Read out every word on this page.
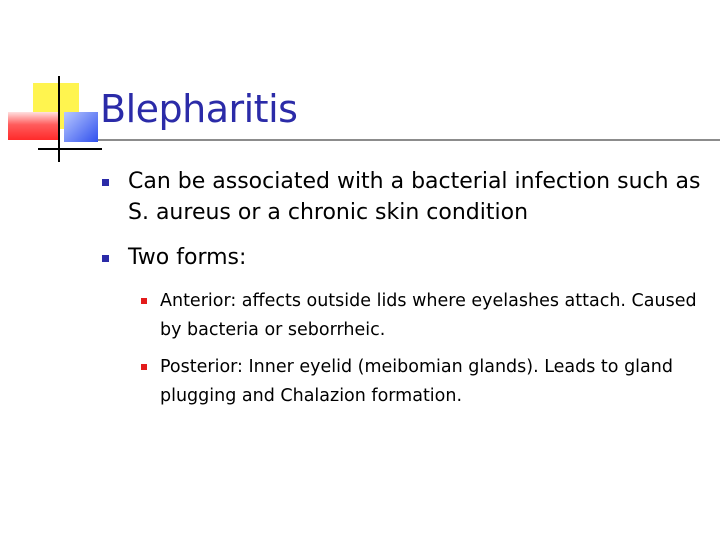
Blepharitis
Can be associated with a bacterial infection such as S. aureus or a chronic skin condition
Two forms:
Anterior: affects outside lids where eyelashes attach. Caused by bacteria or seborrheic.
Posterior: Inner eyelid (meibomian glands). Leads to gland plugging and Chalazion formation.
